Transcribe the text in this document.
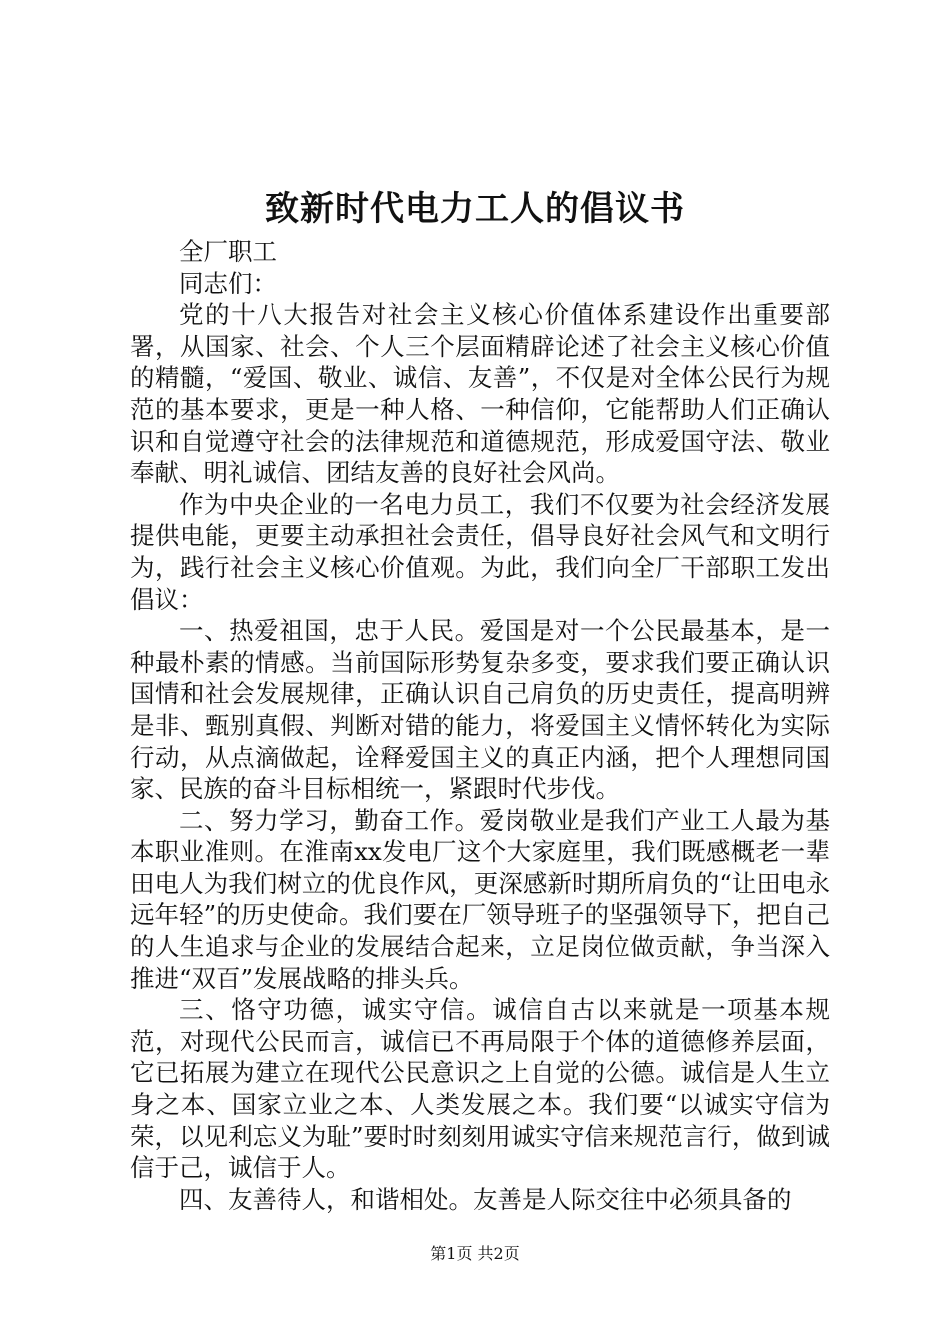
致新时代电力工人的倡议书

全厂职工

同志们：

党的十八大报告对社会主义核心价值体系建设作出重要部署，从国家、社会、个人三个层面精辟论述了社会主义核心价值的精髓，“爱国、敬业、诚信、友善”，不仅是对全体公民行为规范的基本要求，更是一种人格、一种信仰，它能帮助人们正确认识和自觉遵守社会的法律规范和道德规范，形成爱国守法、敬业奉献、明礼诚信、团结友善的良好社会风尚。

作为中央企业的一名电力员工，我们不仅要为社会经济发展提供电能，更要主动承担社会责任，倡导良好社会风气和文明行为，践行社会主义核心价值观。为此，我们向全厂干部职工发出倡议：

一、热爱祖国，忠于人民。爱国是对一个公民最基本，是一种最朴素的情感。当前国际形势复杂多变，要求我们要正确认识国情和社会发展规律，正确认识自己肩负的历史责任，提高明辨是非、甄别真假、判断对错的能力，将爱国主义情怀转化为实际行动，从点滴做起，诠释爱国主义的真正内涵，把个人理想同国家、民族的奋斗目标相统一，紧跟时代步伐。

二、努力学习，勤奋工作。爱岗敬业是我们产业工人最为基本职业准则。在淮南xx发电厂这个大家庭里，我们既感概老一辈田电人为我们树立的优良作风，更深感新时期所肩负的“让田电永远年轻”的历史使命。我们要在厂领导班子的坚强领导下，把自己的人生追求与企业的发展结合起来，立足岗位做贡献，争当深入推进“双百”发展战略的排头兵。

三、恪守功德，诚实守信。诚信自古以来就是一项基本规范，对现代公民而言，诚信已不再局限于个体的道德修养层面，它已拓展为建立在现代公民意识之上自觉的公德。诚信是人生立身之本、国家立业之本、人类发展之本。我们要“以诚实守信为荣，以见利忘义为耻”要时时刻刻用诚实守信来规范言行，做到诚信于己，诚信于人。

四、友善待人，和谐相处。友善是人际交往中必须具备的

第1页 共2页
